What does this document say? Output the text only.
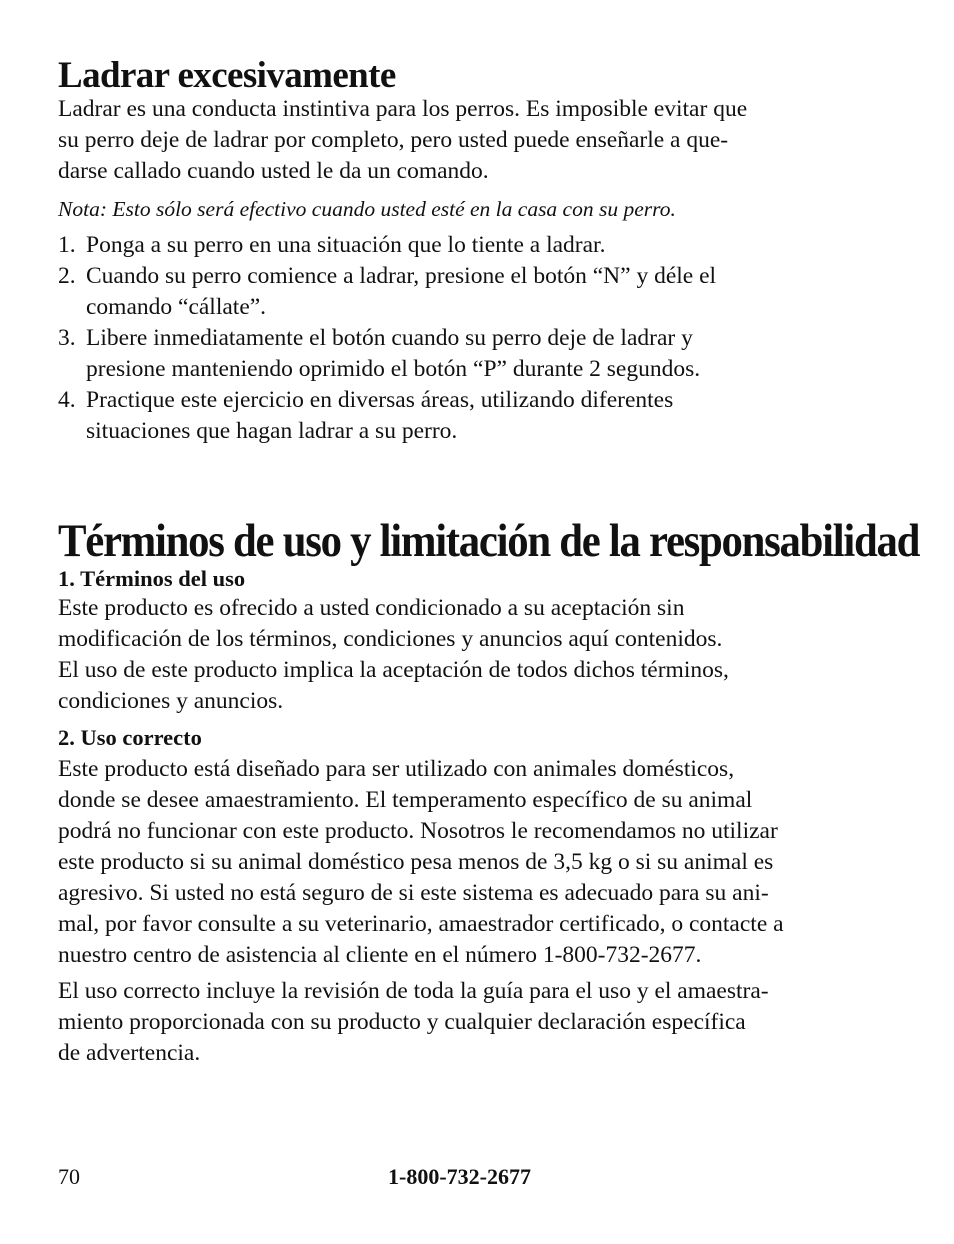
Ladrar excesivamente
Ladrar es una conducta instintiva para los perros. Es imposible evitar que
su perro deje de ladrar por completo, pero usted puede enseñarle a que-
darse callado cuando usted le da un comando.
Nota: Esto sólo será efectivo cuando usted esté en la casa con su perro.
1. Ponga a su perro en una situación que lo tiente a ladrar.
2. Cuando su perro comience a ladrar, presione el botón “N” y déle el
comando “cállate”.
3. Libere inmediatamente el botón cuando su perro deje de ladrar y
presione manteniendo oprimido el botón “P” durante 2 segundos.
4. Practique este ejercicio en diversas áreas, utilizando diferentes
situaciones que hagan ladrar a su perro.
Términos de uso y limitación de la responsabilidad
1. Términos del uso
Este producto es ofrecido a usted condicionado a su aceptación sin
modificación de los términos, condiciones y anuncios aquí contenidos.
El uso de este producto implica la aceptación de todos dichos términos,
condiciones y anuncios.
2. Uso correcto
Este producto está diseñado para ser utilizado con animales domésticos,
donde se desee amaestramiento. El temperamento específico de su animal
podrá no funcionar con este producto. Nosotros le recomendamos no utilizar
este producto si su animal doméstico pesa menos de 3,5 kg o si su animal es
agresivo. Si usted no está seguro de si este sistema es adecuado para su ani-
mal, por favor consulte a su veterinario, amaestrador certificado, o contacte a
nuestro centro de asistencia al cliente en el número 1-800-732-2677.
El uso correcto incluye la revisión de toda la guía para el uso y el amaestra-
miento proporcionada con su producto y cualquier declaración específica
de advertencia.
70	1-800-732-2677
